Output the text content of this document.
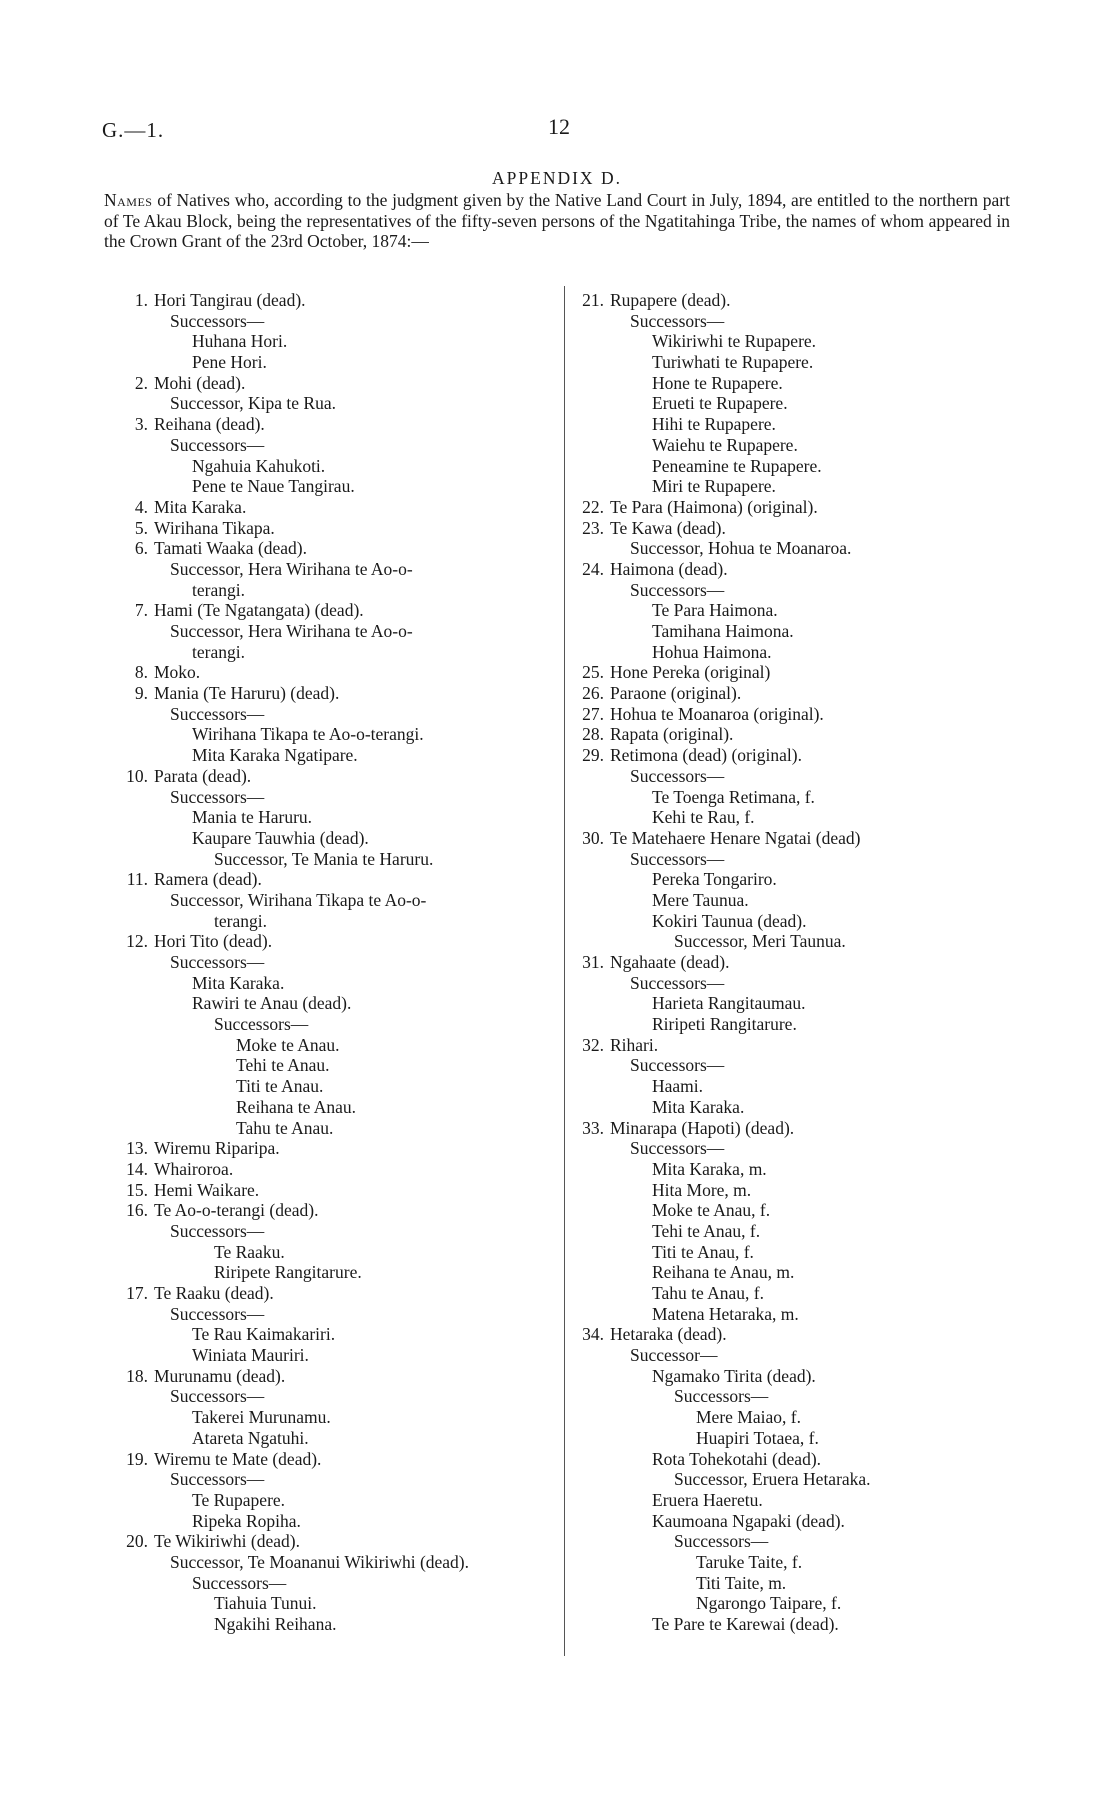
G.—1.	12
APPENDIX D.

Names of Natives who, according to the judgment given by the Native Land Court in July, 1894, are entitled to the northern part of Te Akau Block, being the representatives of the fifty-seven persons of the Ngatitahinga Tribe, the names of whom appeared in the Crown Grant of the 23rd October, 1874:—

1. Hori Tangirau (dead).
Successors—
Huhana Hori.
Pene Hori.
2. Mohi (dead).
Successor, Kipa te Rua.
3. Reihana (dead).
Successors—
Ngahuia Kahukoti.
Pene te Naue Tangirau.
4. Mita Karaka.
5. Wirihana Tikapa.
6. Tamati Waaka (dead).
Successor, Hera Wirihana te Ao-o-
terangi.
7. Hami (Te Ngatangata) (dead).
Successor, Hera Wirihana te Ao-o-
terangi.
8. Moko.
9. Mania (Te Haruru) (dead).
Successors—
Wirihana Tikapa te Ao-o-terangi.
Mita Karaka Ngatipare.
10. Parata (dead).
Successors—
Mania te Haruru.
Kaupare Tauwhia (dead).
Successor, Te Mania te Haruru.
11. Ramera (dead).
Successor, Wirihana Tikapa te Ao-o-
terangi.
12. Hori Tito (dead).
Successors—
Mita Karaka.
Rawiri te Anau (dead).
Successors—
Moke te Anau.
Tehi te Anau.
Titi te Anau.
Reihana te Anau.
Tahu te Anau.
13. Wiremu Riparipa.
14. Whairoroa.
15. Hemi Waikare.
16. Te Ao-o-terangi (dead).
Successors—
Te Raaku.
Riripete Rangitarure.
17. Te Raaku (dead).
Successors—
Te Rau Kaimakariri.
Winiata Mauriri.
18. Murunamu (dead).
Successors—
Takerei Murunamu.
Atareta Ngatuhi.
19. Wiremu te Mate (dead).
Successors—
Te Rupapere.
Ripeka Ropiha.
20. Te Wikiriwhi (dead).
Successor, Te Moananui Wikiriwhi (dead).
Successors—
Tiahuia Tunui.
Ngakihi Reihana.
21. Rupapere (dead).
Successors—
Wikiriwhi te Rupapere.
Turiwhati te Rupapere.
Hone te Rupapere.
Erueti te Rupapere.
Hihi te Rupapere.
Waiehu te Rupapere.
Peneamine te Rupapere.
Miri te Rupapere.
22. Te Para (Haimona) (original).
23. Te Kawa (dead).
Successor, Hohua te Moanaroa.
24. Haimona (dead).
Successors—
Te Para Haimona.
Tamihana Haimona.
Hohua Haimona.
25. Hone Pereka (original)
26. Paraone (original).
27. Hohua te Moanaroa (original).
28. Rapata (original).
29. Retimona (dead) (original).
Successors—
Te Toenga Retimana, f.
Kehi te Rau, f.
30. Te Matehaere Henare Ngatai (dead)
Successors—
Pereka Tongariro.
Mere Taunua.
Kokiri Taunua (dead).
Successor, Meri Taunua.
31. Ngahaate (dead).
Successors—
Harieta Rangitaumau.
Riripeti Rangitarure.
32. Rihari.
Successors—
Haami.
Mita Karaka.
33. Minarapa (Hapoti) (dead).
Successors—
Mita Karaka, m.
Hita More, m.
Moke te Anau, f.
Tehi te Anau, f.
Titi te Anau, f.
Reihana te Anau, m.
Tahu te Anau, f.
Matena Hetaraka, m.
34. Hetaraka (dead).
Successor—
Ngamako Tirita (dead).
Successors—
Mere Maiao, f.
Huapiri Totaea, f.
Rota Tohekotahi (dead).
Successor, Eruera Hetaraka.
Eruera Haeretu.
Kaumoana Ngapaki (dead).
Successors—
Taruke Taite, f.
Titi Taite, m.
Ngarongo Taipare, f.
Te Pare te Karewai (dead).
